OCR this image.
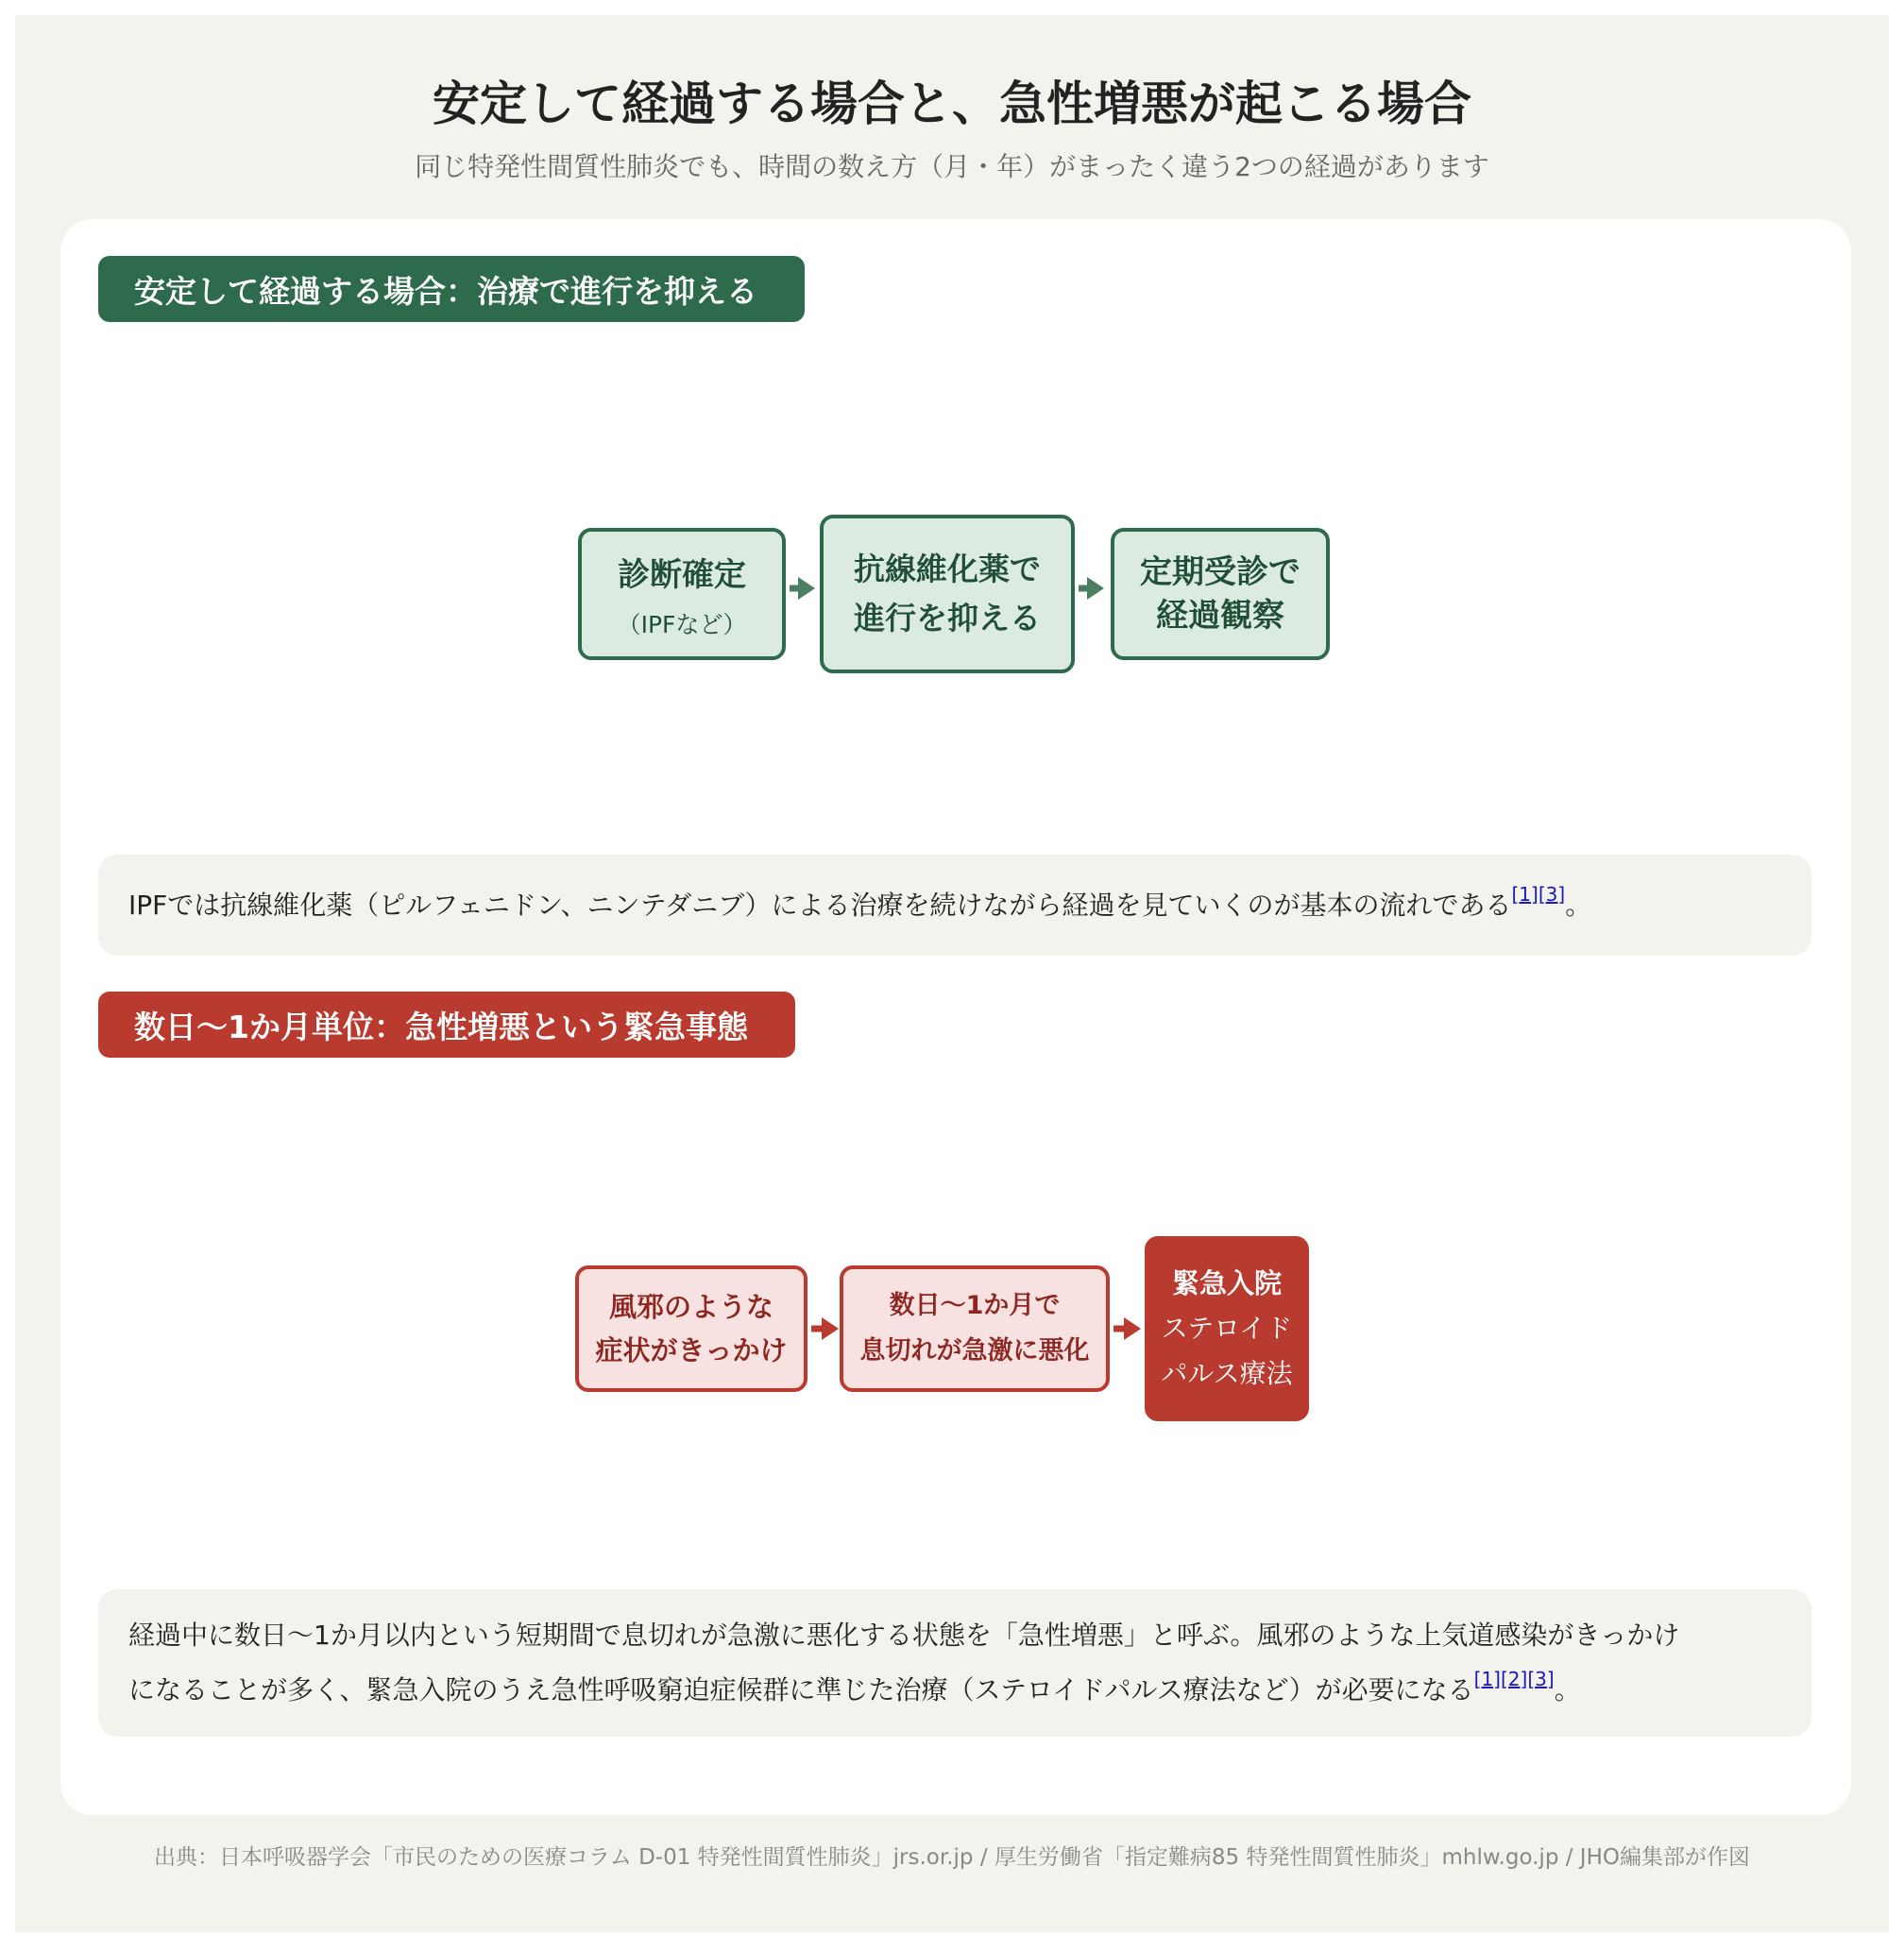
安定して経過する場合と、急性増悪が起こる場合
同じ特発性間質性肺炎でも、時間の数え方（月・年）がまったく違う2つの経過があります
安定して経過する場合：治療で進行を抑える
診断確定
（IPFなど）
抗線維化薬で
進行を抑える
定期受診で
経過観察
IPFでは抗線維化薬（ピルフェニドン、ニンテダニブ）による治療を続けながら経過を見ていくのが基本の流れである[1][3]。
数日〜1か月単位：急性増悪という緊急事態
風邪のような
症状がきっかけ
数日〜1か月で
息切れが急激に悪化
緊急入院
ステロイド
パルス療法
経過中に数日〜1か月以内という短期間で息切れが急激に悪化する状態を「急性増悪」と呼ぶ。風邪のような上気道感染がきっかけ
になることが多く、緊急入院のうえ急性呼吸窮迫症候群に準じた治療（ステロイドパルス療法など）が必要になる[1][2][3]。
出典：日本呼吸器学会「市民のための医療コラム D-01 特発性間質性肺炎」jrs.or.jp / 厚生労働省「指定難病85 特発性間質性肺炎」mhlw.go.jp / JHO編集部が作図
